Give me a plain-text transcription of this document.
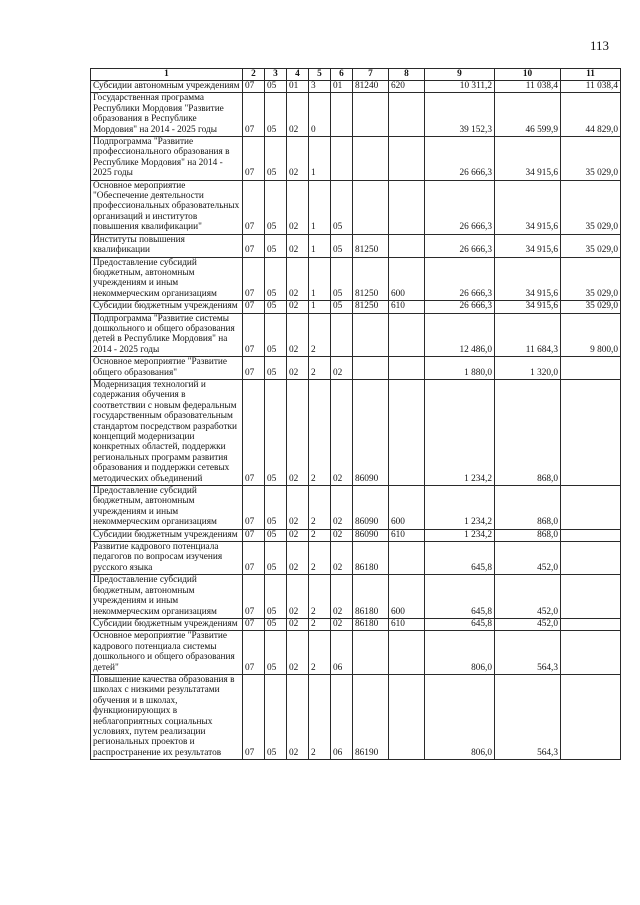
113
1	2	3	4	5	6	7	8	9	10	11
Субсидии автономным учреждениям	07	05	01	3	01	81240	620	10 311,2	11 038,4	11 038,4
Государственная программа Республики Мордовия "Развитие образования в Республике Мордовия" на 2014 - 2025 годы	07	05	02	0				39 152,3	46 599,9	44 829,0
Подпрограмма "Развитие профессионального образования в Республике Мордовия" на 2014 - 2025 годы	07	05	02	1				26 666,3	34 915,6	35 029,0
Основное мероприятие "Обеспечение деятельности профессиональных образовательных организаций и институтов повышения квалификации"	07	05	02	1	05			26 666,3	34 915,6	35 029,0
Институты повышения квалификации	07	05	02	1	05	81250		26 666,3	34 915,6	35 029,0
Предоставление субсидий бюджетным, автономным учреждениям и иным некоммерческим организациям	07	05	02	1	05	81250	600	26 666,3	34 915,6	35 029,0
Субсидии бюджетным учреждениям	07	05	02	1	05	81250	610	26 666,3	34 915,6	35 029,0
Подпрограмма "Развитие системы дошкольного и общего образования детей в Республике Мордовия" на 2014 - 2025 годы	07	05	02	2				12 486,0	11 684,3	9 800,0
Основное мероприятие "Развитие общего образования"	07	05	02	2	02			1 880,0	1 320,0	
Модернизация технологий и содержания обучения в соответствии с новым федеральным государственным образовательным стандартом посредством разработки концепций модернизации конкретных областей, поддержки региональных программ развития образования и поддержки сетевых методических объединений	07	05	02	2	02	86090		1 234,2	868,0	
Предоставление субсидий бюджетным, автономным учреждениям и иным некоммерческим организациям	07	05	02	2	02	86090	600	1 234,2	868,0	
Субсидии бюджетным учреждениям	07	05	02	2	02	86090	610	1 234,2	868,0	
Развитие кадрового потенциала педагогов по вопросам изучения русского языка	07	05	02	2	02	86180		645,8	452,0	
Предоставление субсидий бюджетным, автономным учреждениям и иным некоммерческим организациям	07	05	02	2	02	86180	600	645,8	452,0	
Субсидии бюджетным учреждениям	07	05	02	2	02	86180	610	645,8	452,0	
Основное мероприятие "Развитие кадрового потенциала системы дошкольного и общего образования детей"	07	05	02	2	06			806,0	564,3	
Повышение качества образования в школах с низкими результатами обучения и в школах, функционирующих в неблагоприятных социальных условиях, путем реализации региональных проектов и распространение их результатов	07	05	02	2	06	86190		806,0	564,3	
